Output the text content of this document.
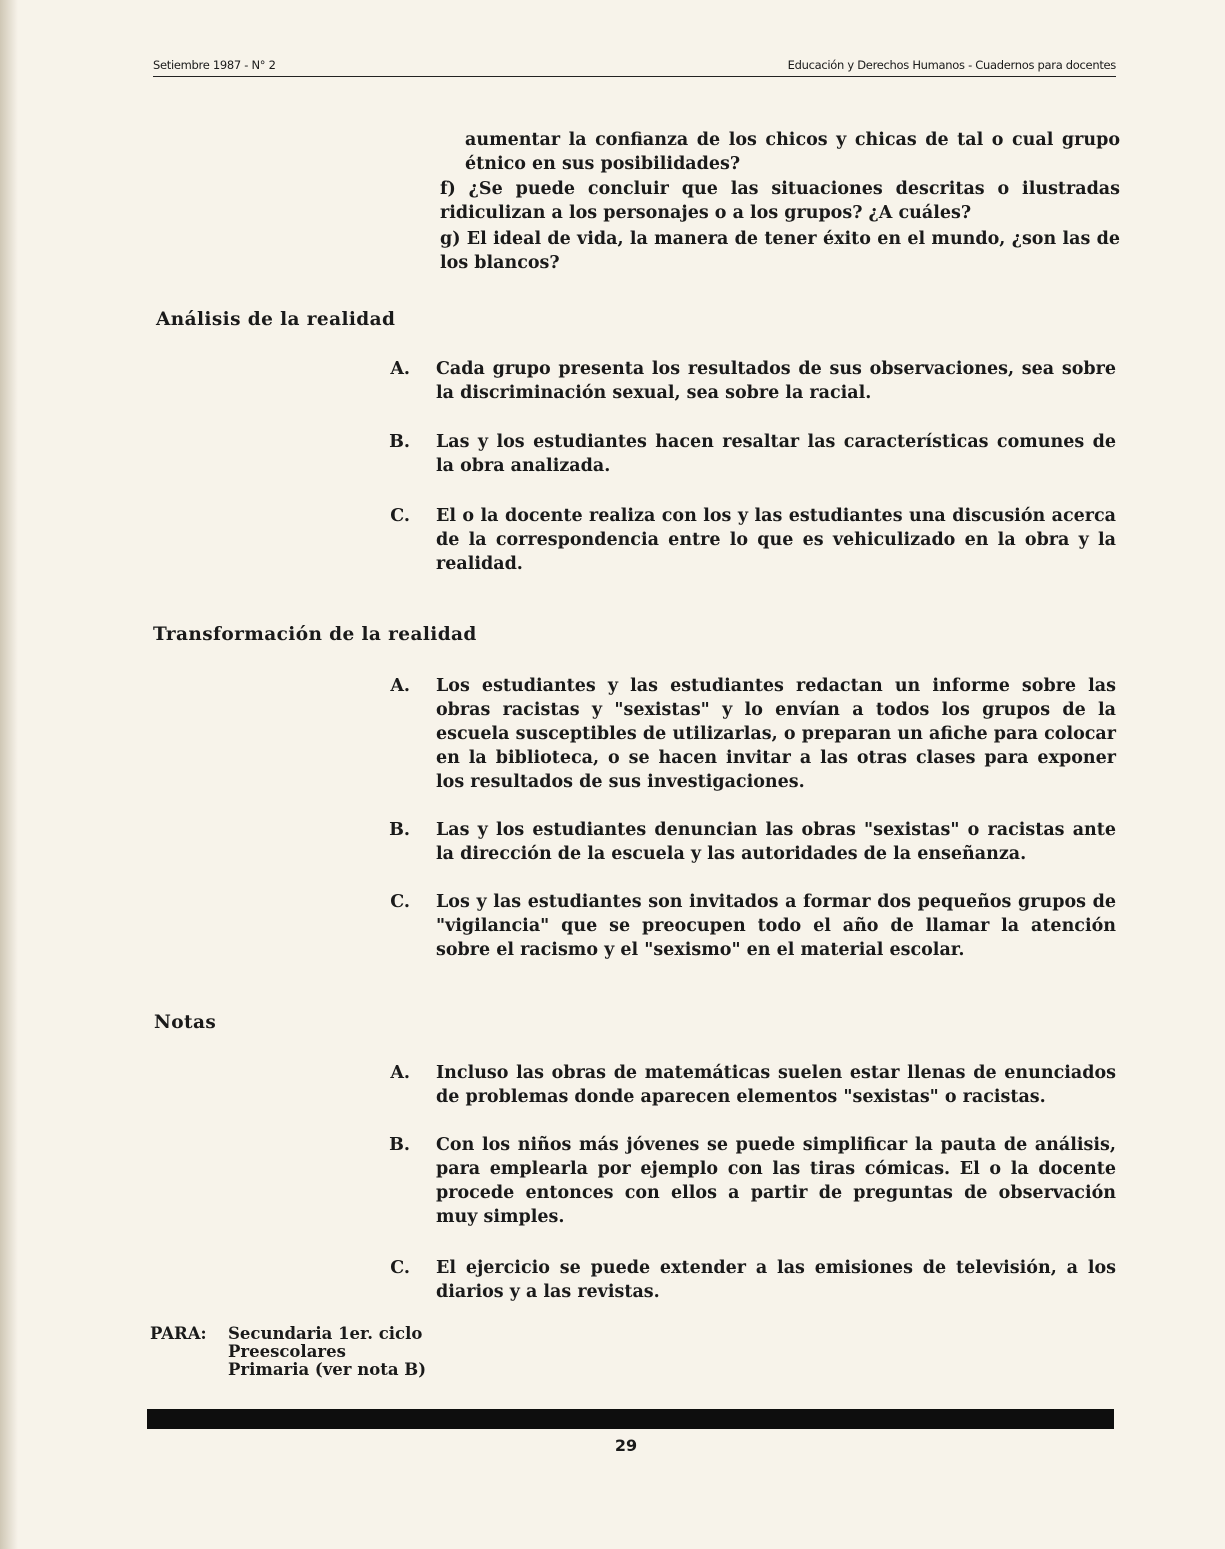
Setiembre 1987 - N° 2	Educación y Derechos Humanos - Cuadernos para docentes
aumentar la confianza de los chicos y chicas de tal o cual grupo étnico en sus posibilidades?
f) ¿Se puede concluir que las situaciones descritas o ilustradas ridiculizan a los personajes o a los grupos? ¿A cuáles?
g) El ideal de vida, la manera de tener éxito en el mundo, ¿son las de los blancos?
Análisis de la realidad
A. Cada grupo presenta los resultados de sus observaciones, sea sobre la discriminación sexual, sea sobre la racial.
B. Las y los estudiantes hacen resaltar las características comunes de la obra analizada.
C. El o la docente realiza con los y las estudiantes una discusión acerca de la correspondencia entre lo que es vehiculizado en la obra y la realidad.
Transformación de la realidad
A. Los estudiantes y las estudiantes redactan un informe sobre las obras racistas y "sexistas" y lo envían a todos los grupos de la escuela susceptibles de utilizarlas, o preparan un afiche para colocar en la biblioteca, o se hacen invitar a las otras clases para exponer los resultados de sus investigaciones.
B. Las y los estudiantes denuncian las obras "sexistas" o racistas ante la dirección de la escuela y las autoridades de la enseñanza.
C. Los y las estudiantes son invitados a formar dos pequeños grupos de "vigilancia" que se preocupen todo el año de llamar la atención sobre el racismo y el "sexismo" en el material escolar.
Notas
A. Incluso las obras de matemáticas suelen estar llenas de enunciados de problemas donde aparecen elementos "sexistas" o racistas.
B. Con los niños más jóvenes se puede simplificar la pauta de análisis, para emplearla por ejemplo con las tiras cómicas. El o la docente procede entonces con ellos a partir de preguntas de observación muy simples.
C. El ejercicio se puede extender a las emisiones de televisión, a los diarios y a las revistas.
PARA: Secundaria 1er. ciclo
Preescolares
Primaria (ver nota B)
29
